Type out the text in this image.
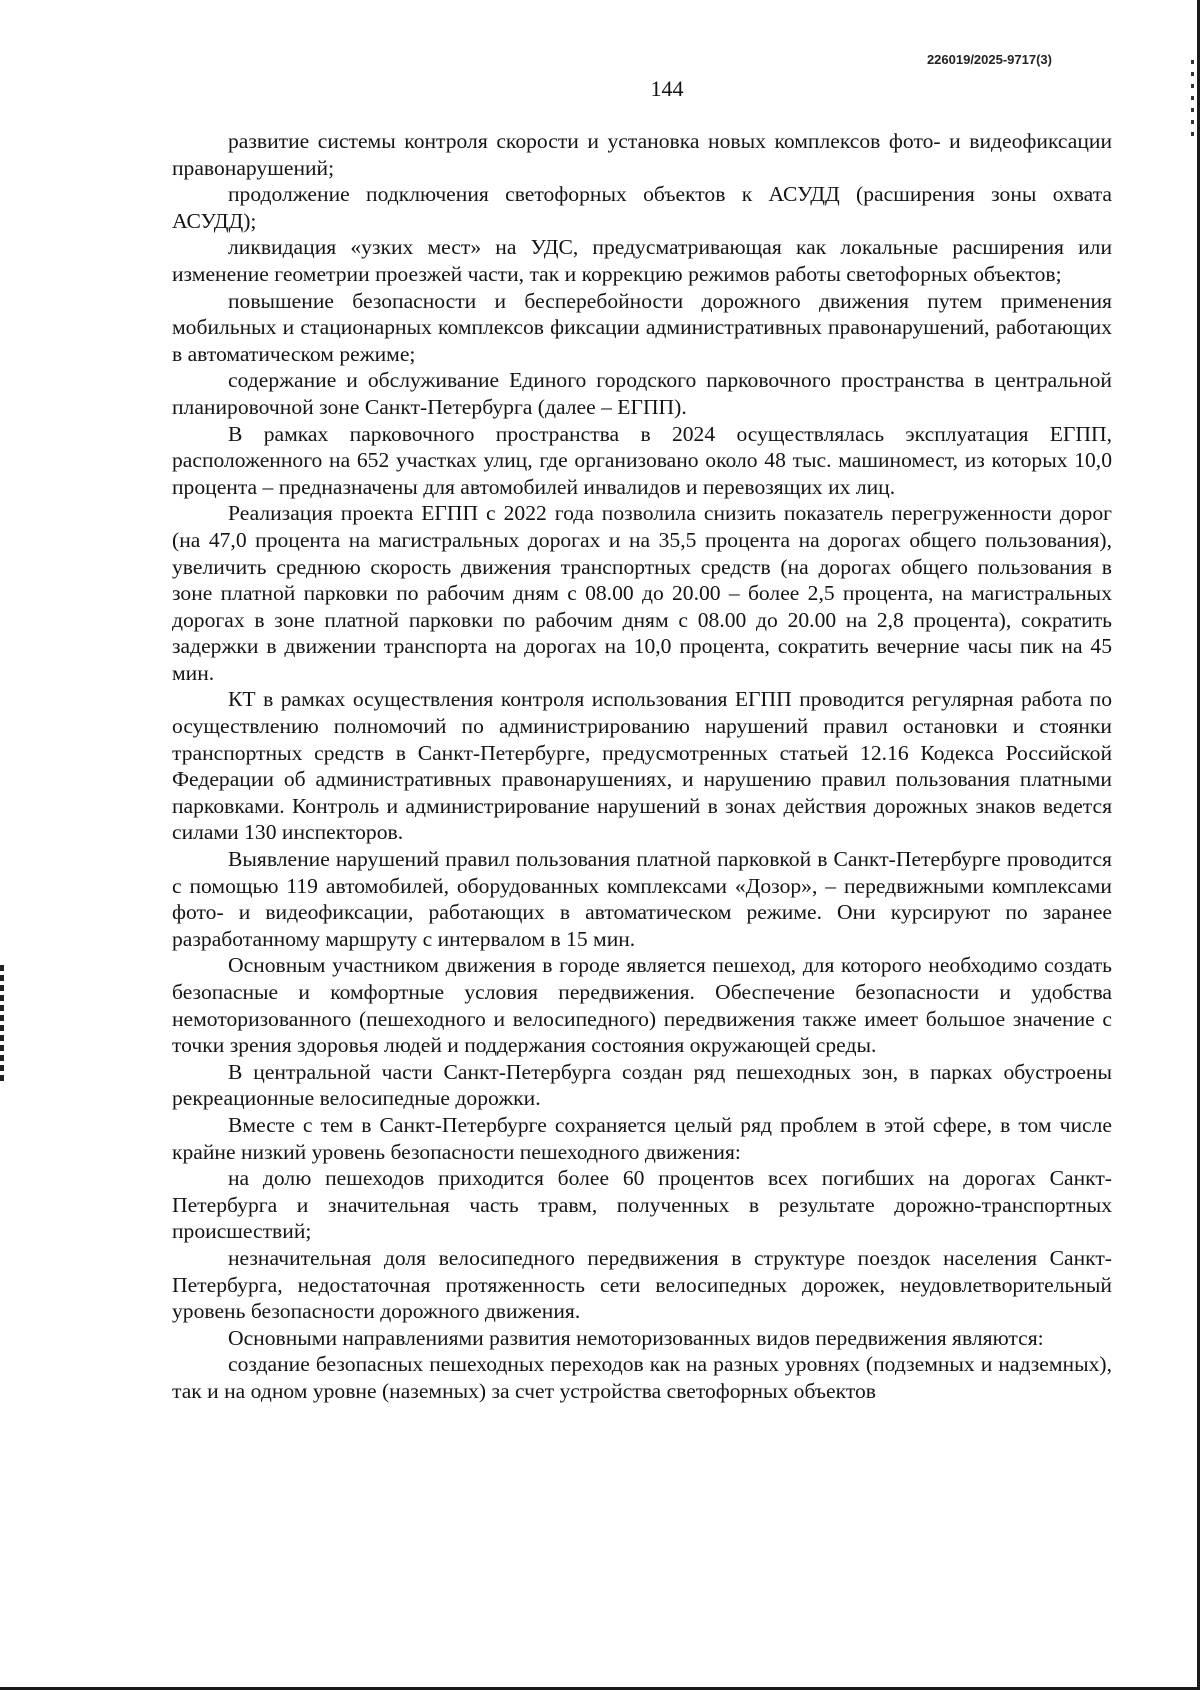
226019/2025-9717(3)
144

развитие системы контроля скорости и установка новых комплексов фото- и видеофиксации правонарушений;

продолжение подключения светофорных объектов к АСУДД (расширения зоны охвата АСУДД);

ликвидация «узких мест» на УДС, предусматривающая как локальные расширения или изменение геометрии проезжей части, так и коррекцию режимов работы светофорных объектов;

повышение безопасности и бесперебойности дорожного движения путем применения мобильных и стационарных комплексов фиксации административных правонарушений, работающих в автоматическом режиме;

содержание и обслуживание Единого городского парковочного пространства в центральной планировочной зоне Санкт-Петербурга (далее – ЕГПП).

В рамках парковочного пространства в 2024 осуществлялась эксплуатация ЕГПП, расположенного на 652 участках улиц, где организовано около 48 тыс. машиномест, из которых 10,0 процента – предназначены для автомобилей инвалидов и перевозящих их лиц.

Реализация проекта ЕГПП с 2022 года позволила снизить показатель перегруженности дорог (на 47,0 процента на магистральных дорогах и на 35,5 процента на дорогах общего пользования), увеличить среднюю скорость движения транспортных средств (на дорогах общего пользования в зоне платной парковки по рабочим дням с 08.00 до 20.00 – более 2,5 процента, на магистральных дорогах в зоне платной парковки по рабочим дням с 08.00 до 20.00 на 2,8 процента), сократить задержки в движении транспорта на дорогах на 10,0 процента, сократить вечерние часы пик на 45 мин.

КТ в рамках осуществления контроля использования ЕГПП проводится регулярная работа по осуществлению полномочий по администрированию нарушений правил остановки и стоянки транспортных средств в Санкт-Петербурге, предусмотренных статьей 12.16 Кодекса Российской Федерации об административных правонарушениях, и нарушению правил пользования платными парковками. Контроль и администрирование нарушений в зонах действия дорожных знаков ведется силами 130 инспекторов.

Выявление нарушений правил пользования платной парковкой в Санкт-Петербурге проводится с помощью 119 автомобилей, оборудованных комплексами «Дозор», – передвижными комплексами фото- и видеофиксации, работающих в автоматическом режиме. Они курсируют по заранее разработанному маршруту с интервалом в 15 мин.

Основным участником движения в городе является пешеход, для которого необходимо создать безопасные и комфортные условия передвижения. Обеспечение безопасности и удобства немоторизованного (пешеходного и велосипедного) передвижения также имеет большое значение с точки зрения здоровья людей и поддержания состояния окружающей среды.

В центральной части Санкт-Петербурга создан ряд пешеходных зон, в парках обустроены рекреационные велосипедные дорожки.

Вместе с тем в Санкт-Петербурге сохраняется целый ряд проблем в этой сфере, в том числе крайне низкий уровень безопасности пешеходного движения:

на долю пешеходов приходится более 60 процентов всех погибших на дорогах Санкт-Петербурга и значительная часть травм, полученных в результате дорожно-транспортных происшествий;

незначительная доля велосипедного передвижения в структуре поездок населения Санкт-Петербурга, недостаточная протяженность сети велосипедных дорожек, неудовлетворительный уровень безопасности дорожного движения.

Основными направлениями развития немоторизованных видов передвижения являются:

создание безопасных пешеходных переходов как на разных уровнях (подземных и надземных), так и на одном уровне (наземных) за счет устройства светофорных объектов
